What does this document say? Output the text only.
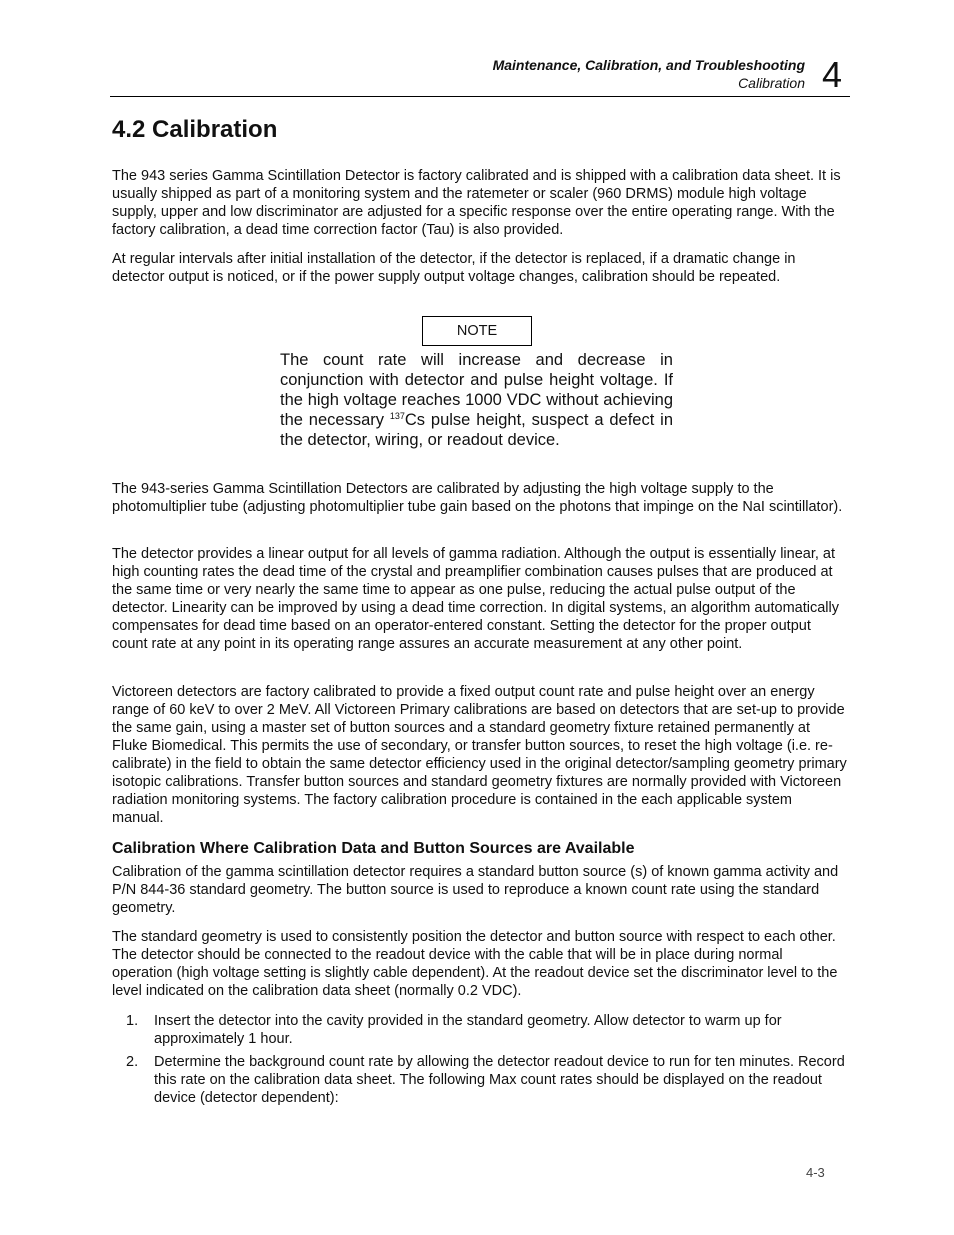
Maintenance, Calibration, and Troubleshooting
Calibration 4
4.2 Calibration

The 943 series Gamma Scintillation Detector is factory calibrated and is shipped with a calibration data sheet. It is usually shipped as part of a monitoring system and the ratemeter or scaler (960 DRMS) module high voltage supply, upper and low discriminator are adjusted for a specific response over the entire operating range. With the factory calibration, a dead time correction factor (Tau) is also provided.

At regular intervals after initial installation of the detector, if the detector is replaced, if a dramatic change in detector output is noticed, or if the power supply output voltage changes, calibration should be repeated.

NOTE

The count rate will increase and decrease in conjunction with detector and pulse height voltage. If the high voltage reaches 1000 VDC without achieving the necessary $^{137}$Cs pulse height, suspect a defect in the detector, wiring, or readout device.

The 943-series Gamma Scintillation Detectors are calibrated by adjusting the high voltage supply to the photomultiplier tube (adjusting photomultiplier tube gain based on the photons that impinge on the NaI scintillator).

The detector provides a linear output for all levels of gamma radiation. Although the output is essentially linear, at high counting rates the dead time of the crystal and preamplifier combination causes pulses that are produced at the same time or very nearly the same time to appear as one pulse, reducing the actual pulse output of the detector. Linearity can be improved by using a dead time correction. In digital systems, an algorithm automatically compensates for dead time based on an operator-entered constant. Setting the detector for the proper output count rate at any point in its operating range assures an accurate measurement at any other point.

Victoreen detectors are factory calibrated to provide a fixed output count rate and pulse height over an energy range of 60 keV to over 2 MeV. All Victoreen Primary calibrations are based on detectors that are set-up to provide the same gain, using a master set of button sources and a standard geometry fixture retained permanently at Fluke Biomedical. This permits the use of secondary, or transfer button sources, to reset the high voltage (i.e. re-calibrate) in the field to obtain the same detector efficiency used in the original detector/sampling geometry primary isotopic calibrations. Transfer button sources and standard geometry fixtures are normally provided with Victoreen radiation monitoring systems. The factory calibration procedure is contained in the each applicable system manual.

Calibration Where Calibration Data and Button Sources are Available

Calibration of the gamma scintillation detector requires a standard button source (s) of known gamma activity and P/N 844-36 standard geometry. The button source is used to reproduce a known count rate using the standard geometry.

The standard geometry is used to consistently position the detector and button source with respect to each other. The detector should be connected to the readout device with the cable that will be in place during normal operation (high voltage setting is slightly cable dependent). At the readout device set the discriminator level to the level indicated on the calibration data sheet (normally 0.2 VDC).

1. Insert the detector into the cavity provided in the standard geometry. Allow detector to warm up for approximately 1 hour.
2. Determine the background count rate by allowing the detector readout device to run for ten minutes. Record this rate on the calibration data sheet. The following Max count rates should be displayed on the readout device (detector dependent):
4-3
